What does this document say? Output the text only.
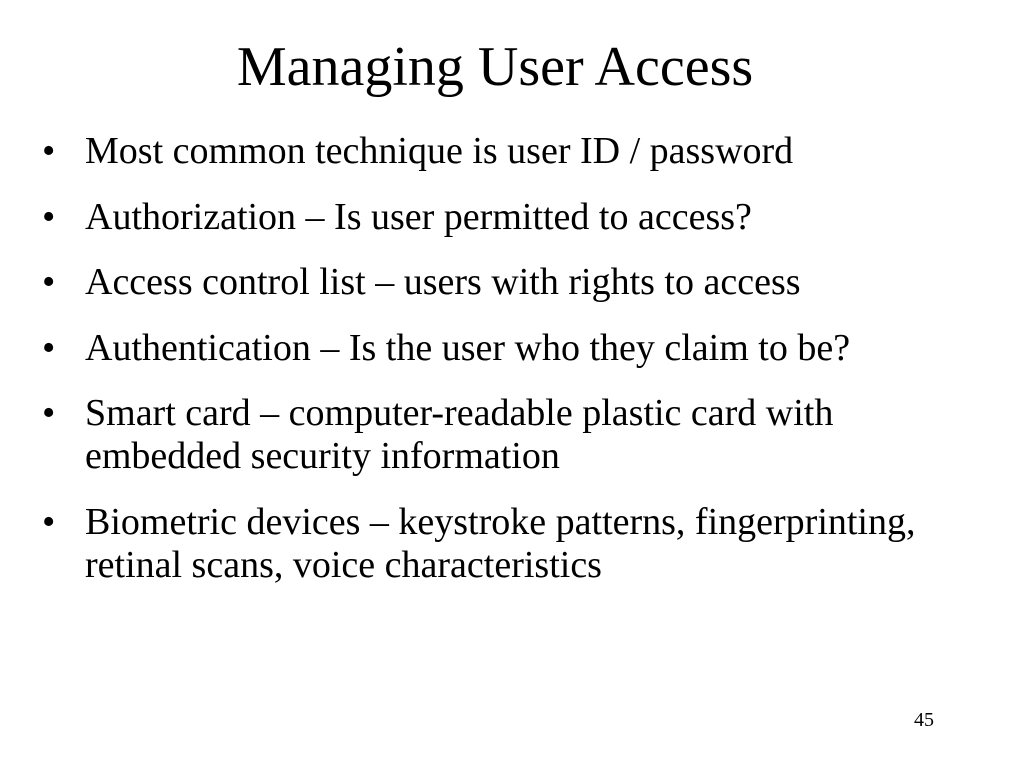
Managing User Access
• Most common technique is user ID / password
• Authorization – Is user permitted to access?
• Access control list – users with rights to access
• Authentication – Is the user who they claim to be?
• Smart card – computer-readable plastic card with embedded security information
• Biometric devices – keystroke patterns, fingerprinting, retinal scans, voice characteristics
45
